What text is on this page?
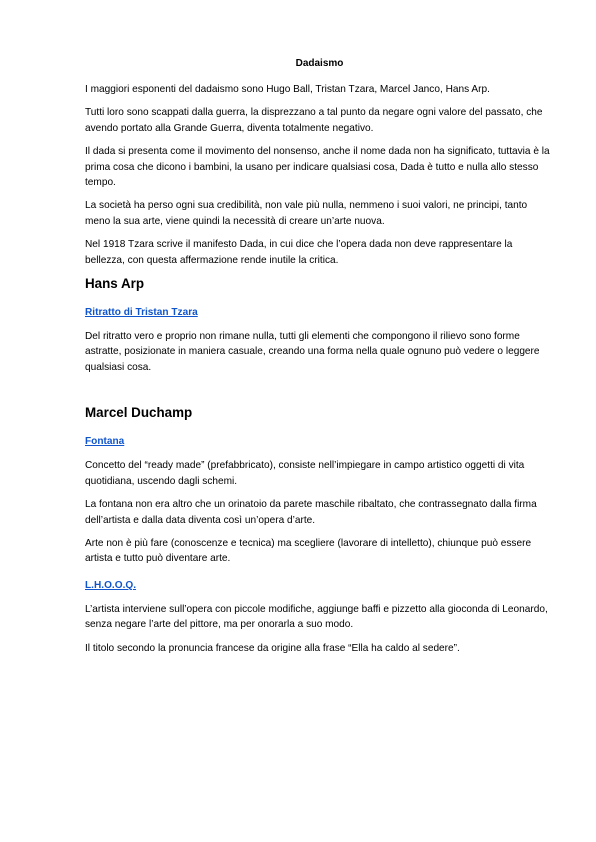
Dadaismo

I maggiori esponenti del dadaismo sono Hugo Ball, Tristan Tzara, Marcel Janco, Hans Arp.

Tutti loro sono scappati dalla guerra, la disprezzano a tal punto da negare ogni valore del passato, che avendo portato alla Grande Guerra, diventa totalmente negativo.

Il dada si presenta come il movimento del nonsenso, anche il nome dada non ha significato, tuttavia è la prima cosa che dicono i bambini, la usano per indicare qualsiasi cosa, Dada è tutto e nulla allo stesso tempo.

La società ha perso ogni sua credibilità, non vale più nulla, nemmeno i suoi valori, ne principi, tanto meno la sua arte, viene quindi la necessità di creare un’arte nuova.

Nel 1918 Tzara scrive il manifesto Dada, in cui dice che l’opera dada non deve rappresentare la bellezza, con questa affermazione rende inutile la critica.

Hans Arp
Ritratto di Tristan Tzara

Del ritratto vero e proprio non rimane nulla, tutti gli elementi che compongono il rilievo sono forme astratte, posizionate in maniera casuale, creando una forma nella quale ognuno può vedere o leggere qualsiasi cosa.

Marcel Duchamp
Fontana

Concetto del “ready made” (prefabbricato), consiste nell’impiegare in campo artistico oggetti di vita quotidiana, uscendo dagli schemi.

La fontana non era altro che un orinatoio da parete maschile ribaltato, che contrassegnato dalla firma dell’artista e dalla data diventa così un’opera d’arte.

Arte non è più fare (conoscenze e tecnica) ma scegliere (lavorare di intelletto), chiunque può essere artista e tutto può diventare arte.

L.H.O.O.Q.

L’artista interviene sull’opera con piccole modifiche, aggiunge baffi e pizzetto alla gioconda di Leonardo, senza negare l’arte del pittore, ma per onorarla a suo modo.

Il titolo secondo la pronuncia francese da origine alla frase “Ella ha caldo al sedere”.
